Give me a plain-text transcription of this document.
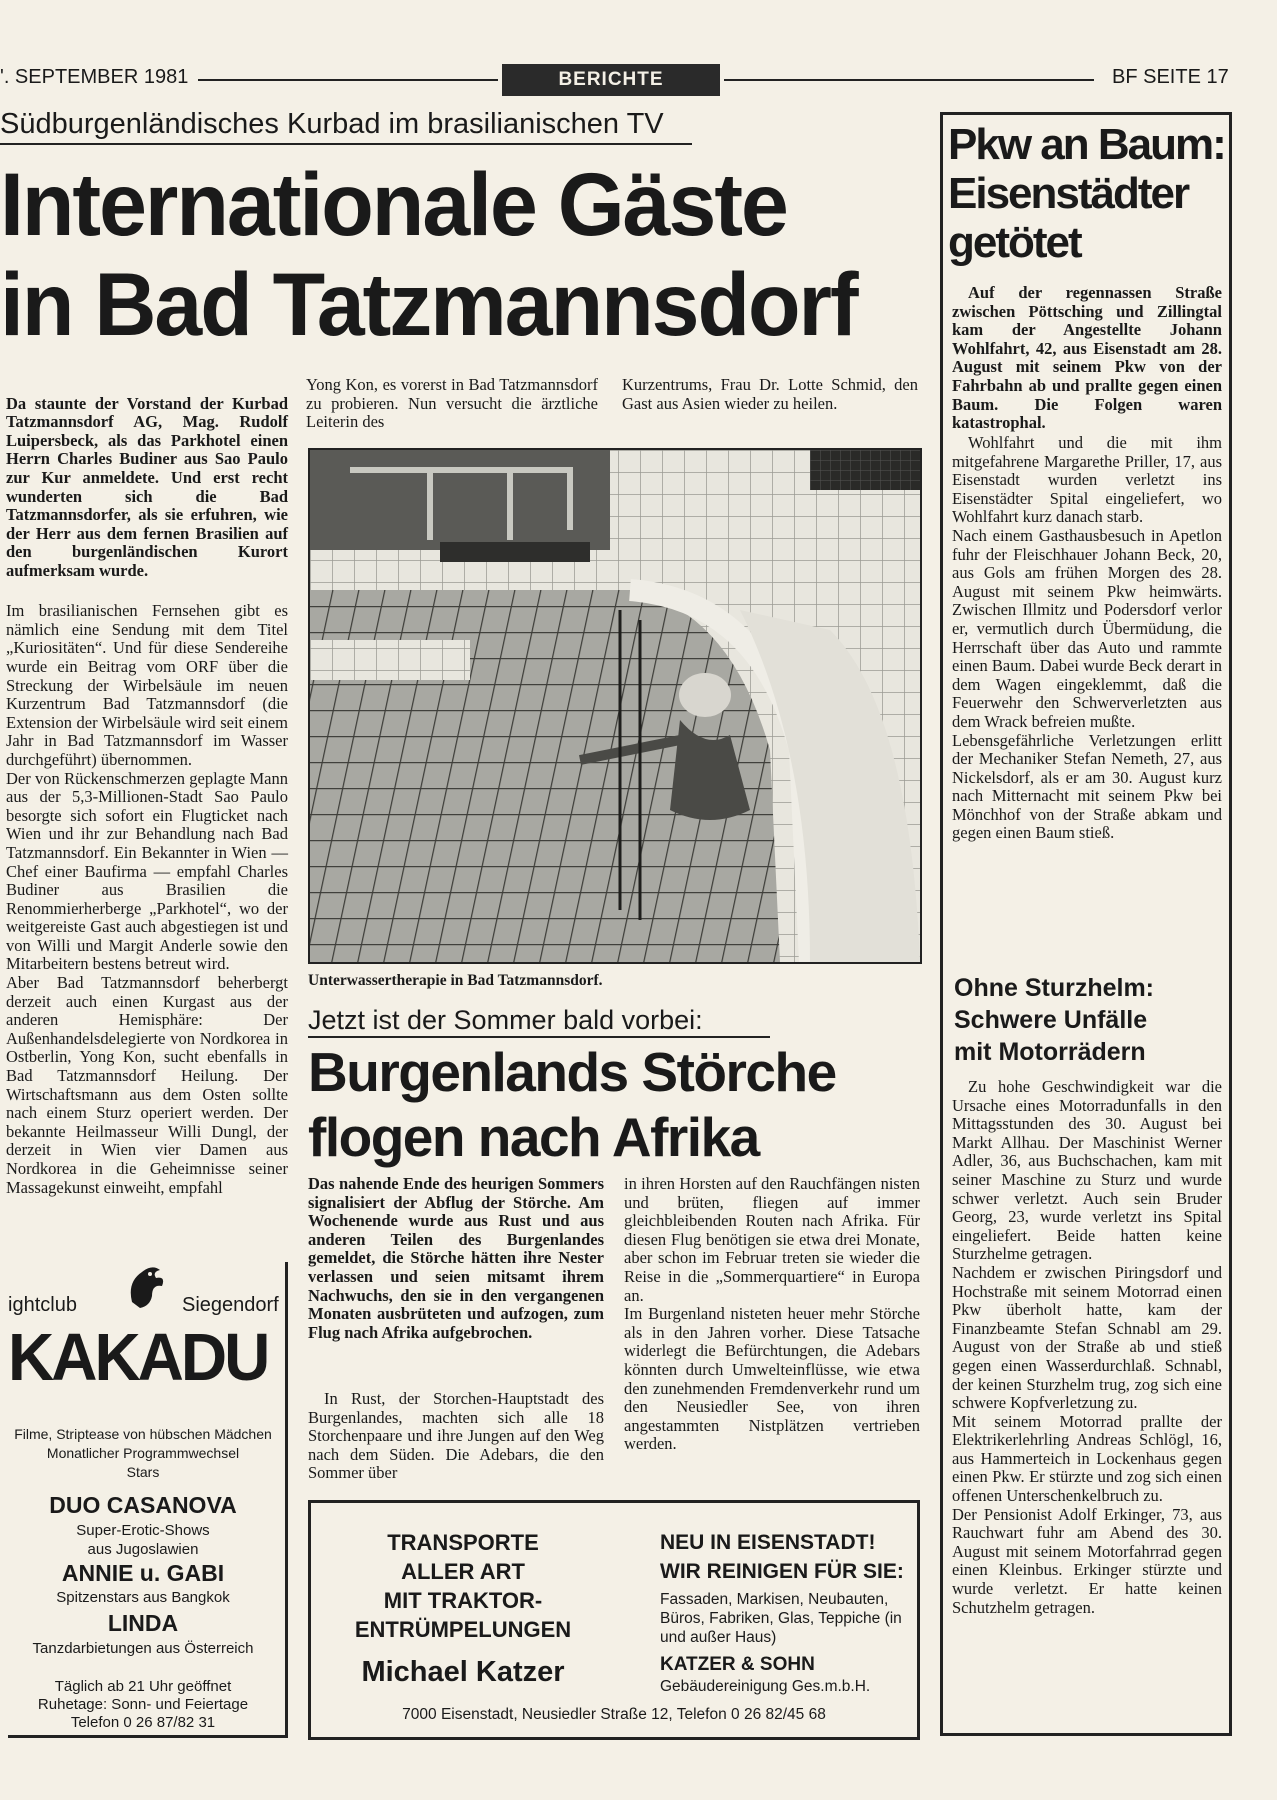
'. SEPTEMBER 1981	BERICHTE	BF SEITE 17
Südburgenländisches Kurbad im brasilianischen TV
Internationale Gäste
in Bad Tatzmannsdorf

Da staunte der Vorstand der Kurbad Tatzmannsdorf AG, Mag. Rudolf Luipersbeck, als das Parkhotel einen Herrn Charles Budiner aus Sao Paulo zur Kur anmeldete. Und erst recht wunderten sich die Bad Tatzmannsdorfer, als sie erfuhren, wie der Herr aus dem fernen Brasilien auf den burgenländischen Kurort aufmerksam wurde.

Im brasilianischen Fernsehen gibt es nämlich eine Sendung mit dem Titel „Kuriositäten“. Und für diese Sendereihe wurde ein Beitrag vom ORF über die Streckung der Wirbelsäule im neuen Kurzentrum Bad Tatzmannsdorf (die Extension der Wirbelsäule wird seit einem Jahr in Bad Tatzmannsdorf im Wasser durchgeführt) übernommen.
Der von Rückenschmerzen geplagte Mann aus der 5,3-Millionen-Stadt Sao Paulo besorgte sich sofort ein Flugticket nach Wien und ihr zur Behandlung nach Bad Tatzmannsdorf. Ein Bekannter in Wien — Chef einer Baufirma — empfahl Charles Budiner aus Brasilien die Renommierherberge „Parkhotel“, wo der weitgereiste Gast auch abgestiegen ist und von Willi und Margit Anderle sowie den Mitarbeitern bestens betreut wird.
Aber Bad Tatzmannsdorf beherbergt derzeit auch einen Kurgast aus der anderen Hemisphäre: Der Außenhandelsdelegierte von Nordkorea in Ostberlin, Yong Kon, sucht ebenfalls in Bad Tatzmannsdorf Heilung. Der Wirtschaftsmann aus dem Osten sollte nach einem Sturz operiert werden. Der bekannte Heilmasseur Willi Dungl, der derzeit in Wien vier Damen aus Nordkorea in die Geheimnisse seiner Massagekunst einweiht, empfahl

Yong Kon, es vorerst in Bad Tatzmannsdorf zu probieren. Nun versucht die ärztliche Leiterin des
Kurzentrums, Frau Dr. Lotte Schmid, den Gast aus Asien wieder zu heilen.
Unterwassertherapie in Bad Tatzmannsdorf.
Jetzt ist der Sommer bald vorbei:
Burgenlands Störche
flogen nach Afrika
Das nahende Ende des heurigen Sommers signalisiert der Abflug der Störche. Am Wochenende wurde aus Rust und aus anderen Teilen des Burgenlandes gemeldet, die Störche hätten ihre Nester verlassen und seien mitsamt ihrem Nachwuchs, den sie in den vergangenen Monaten ausbrüteten und aufzogen, zum Flug nach Afrika aufgebrochen.
In Rust, der Storchen-Hauptstadt des Burgenlandes, machten sich alle 18 Storchenpaare und ihre Jungen auf den Weg nach dem Süden. Die Adebars, die den Sommer über
in ihren Horsten auf den Rauchfängen nisten und brüten, fliegen auf immer gleichbleibenden Routen nach Afrika. Für diesen Flug benötigen sie etwa drei Monate, aber schon im Februar treten sie wieder die Reise in die „Sommerquartiere“ in Europa an.
Im Burgenland nisteten heuer mehr Störche als in den Jahren vorher. Diese Tatsache widerlegt die Befürchtungen, die Adebars könnten durch Umwelteinflüsse, wie etwa den zunehmenden Fremdenverkehr rund um den Neusiedler See, von ihren angestammten Nistplätzen vertrieben werden.
Pkw an Baum:
Eisenstädter
getötet
Auf der regennassen Straße zwischen Pöttsching und Zillingtal kam der Angestellte Johann Wohlfahrt, 42, aus Eisenstadt am 28. August mit seinem Pkw von der Fahrbahn ab und prallte gegen einen Baum. Die Folgen waren katastrophal.
Wohlfahrt und die mit ihm mitgefahrene Margarethe Priller, 17, aus Eisenstadt wurden verletzt ins Eisenstädter Spital eingeliefert, wo Wohlfahrt kurz danach starb.
Nach einem Gasthausbesuch in Apetlon fuhr der Fleischhauer Johann Beck, 20, aus Gols am frühen Morgen des 28. August mit seinem Pkw heimwärts. Zwischen Illmitz und Podersdorf verlor er, vermutlich durch Übermüdung, die Herrschaft über das Auto und rammte einen Baum. Dabei wurde Beck derart in dem Wagen eingeklemmt, daß die Feuerwehr den Schwerverletzten aus dem Wrack befreien mußte.
Lebensgefährliche Verletzungen erlitt der Mechaniker Stefan Nemeth, 27, aus Nickelsdorf, als er am 30. August kurz nach Mitternacht mit seinem Pkw bei Mönchhof von der Straße abkam und gegen einen Baum stieß.
Ohne Sturzhelm:
Schwere Unfälle
mit Motorrädern
Zu hohe Geschwindigkeit war die Ursache eines Motorradunfalls in den Mittagsstunden des 30. August bei Markt Allhau. Der Maschinist Werner Adler, 36, aus Buchschachen, kam mit seiner Maschine zu Sturz und wurde schwer verletzt. Auch sein Bruder Georg, 23, wurde verletzt ins Spital eingeliefert. Beide hatten keine Sturzhelme getragen.
Nachdem er zwischen Piringsdorf und Hochstraße mit seinem Motorrad einen Pkw überholt hatte, kam der Finanzbeamte Stefan Schnabl am 29. August von der Straße ab und stieß gegen einen Wasserdurchlaß. Schnabl, der keinen Sturzhelm trug, zog sich eine schwere Kopfverletzung zu.
Mit seinem Motorrad prallte der Elektrikerlehrling Andreas Schlögl, 16, aus Hammerteich in Lockenhaus gegen einen Pkw. Er stürzte und zog sich einen offenen Unterschenkelbruch zu.
Der Pensionist Adolf Erkinger, 73, aus Rauchwart fuhr am Abend des 30. August mit seinem Motorfahrrad gegen einen Kleinbus. Erkinger stürzte und wurde verletzt. Er hatte keinen Schutzhelm getragen.
ightclub	Siegendorf
KAKADU
Filme, Striptease von hübschen Mädchen
Monatlicher Programmwechsel
Stars
DUO CASANOVA
Super-Erotic-Shows
aus Jugoslawien
ANNIE u. GABI
Spitzenstars aus Bangkok
LINDA
Tanzdarbietungen aus Österreich
Täglich ab 21 Uhr geöffnet
Ruhetage: Sonn- und Feiertage
Telefon 0 26 87/82 31
TRANSPORTE
ALLER ART
MIT TRAKTOR-
ENTRÜMPELUNGEN
Michael Katzer
NEU IN EISENSTADT!
WIR REINIGEN FÜR SIE:
Fassaden, Markisen, Neubauten, Büros, Fabriken, Glas, Teppiche (in und außer Haus)
KATZER & SOHN
Gebäudereinigung Ges.m.b.H.
7000 Eisenstadt, Neusiedler Straße 12, Telefon 0 26 82/45 68
